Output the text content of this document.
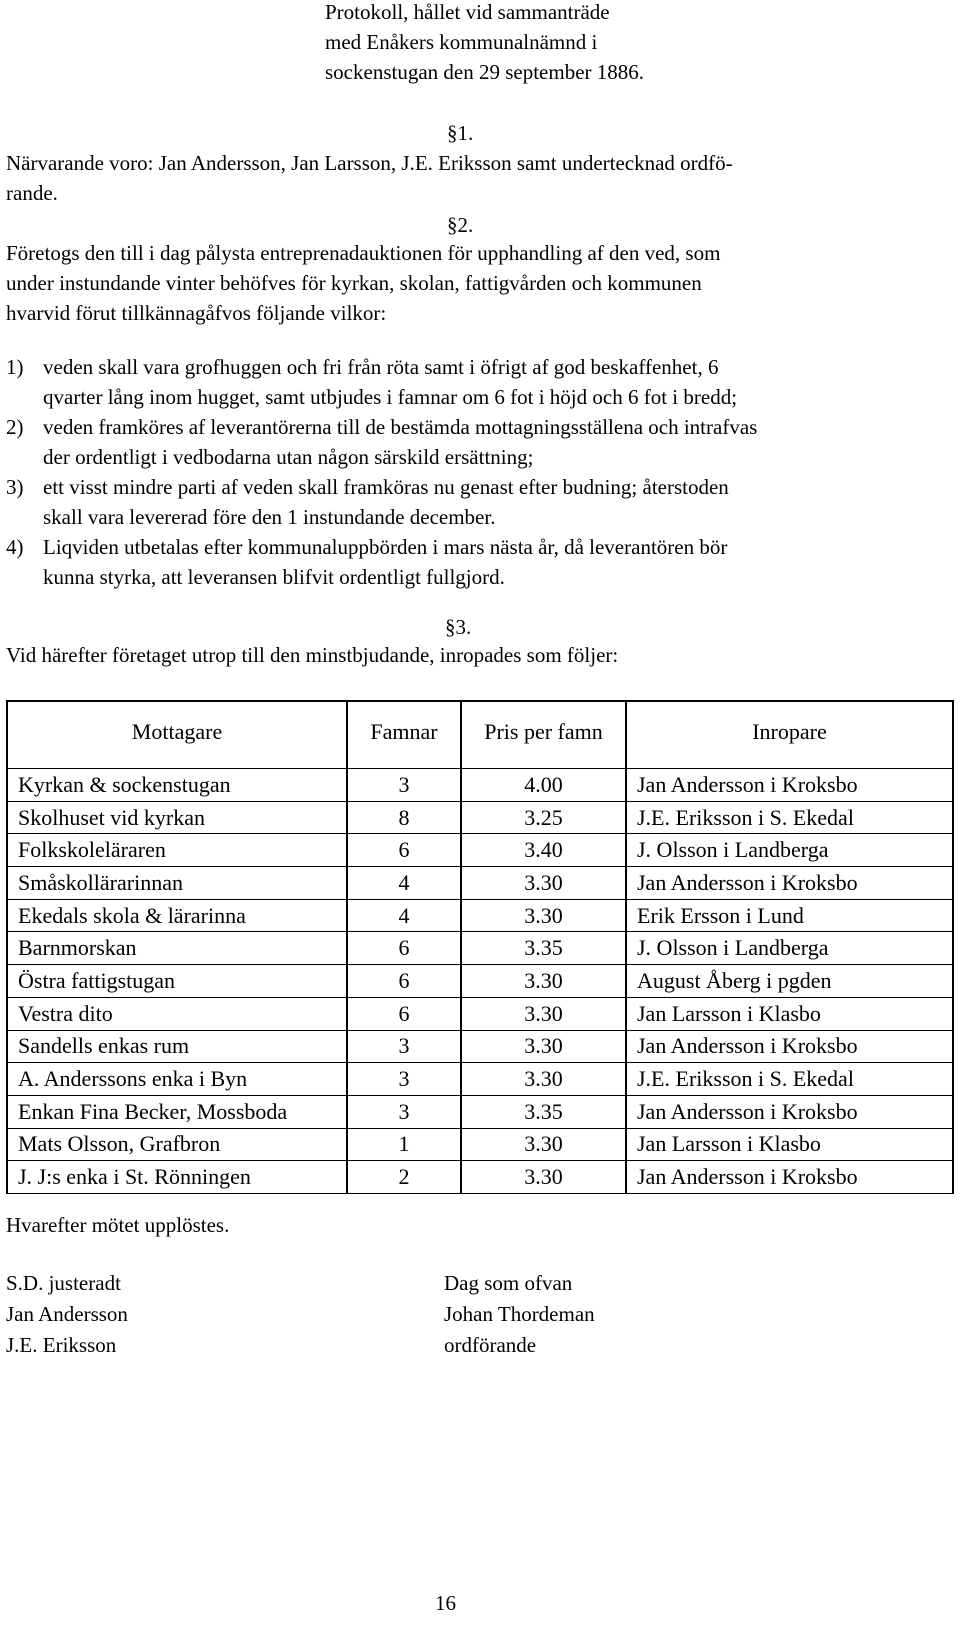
Protokoll, hållet vid sammanträde
med Enåkers kommunalnämnd i
sockenstugan den 29 september 1886.
§1.
Närvarande voro: Jan Andersson, Jan Larsson, J.E. Eriksson samt undertecknad ordfö-
rande.
§2.
Företogs den till i dag pålysta entreprenadauktionen för upphandling af den ved, som
under instundande vinter behöfves för kyrkan, skolan, fattigvården och kommunen
hvarvid förut tillkännagåfvos följande vilkor:
1) veden skall vara grofhuggen och fri från röta samt i öfrigt af god beskaffenhet, 6
qvarter lång inom hugget, samt utbjudes i famnar om 6 fot i höjd och 6 fot i bredd;
2) veden framköres af leverantörerna till de bestämda mottagningsställena och intrafvas
der ordentligt i vedbodarna utan någon särskild ersättning;
3) ett visst mindre parti af veden skall framköras nu genast efter budning; återstoden
skall vara levererad före den 1 instundande december.
4) Liqviden utbetalas efter kommunaluppbörden i mars nästa år, då leverantören bör
kunna styrka, att leveransen blifvit ordentligt fullgjord.
§3.
Vid härefter företaget utrop till den minstbjudande, inropades som följer:
Mottagare	Famnar	Pris per famn	Inropare

Kyrkan & sockenstugan	3	4.00	Jan Andersson i Kroksbo
Skolhuset vid kyrkan	8	3.25	J.E. Eriksson i S. Ekedal
Folkskoleläraren	6	3.40	J. Olsson i Landberga
Småskollärarinnan	4	3.30	Jan Andersson i Kroksbo
Ekedals skola & lärarinna	4	3.30	Erik Ersson i Lund
Barnmorskan	6	3.35	J. Olsson i Landberga
Östra fattigstugan	6	3.30	August Åberg i pgden
Vestra dito	6	3.30	Jan Larsson i Klasbo
Sandells enkas rum	3	3.30	Jan Andersson i Kroksbo
A. Anderssons enka i Byn	3	3.30	J.E. Eriksson i S. Ekedal
Enkan Fina Becker, Mossboda	3	3.35	Jan Andersson i Kroksbo
Mats Olsson, Grafbron	1	3.30	Jan Larsson i Klasbo
J. J:s enka i St. Rönningen	2	3.30	Jan Andersson i Kroksbo
Hvarefter mötet upplöstes.
S.D. justeradt
Jan Andersson
J.E. Eriksson
Dag som ofvan
Johan Thordeman
ordförande
16
